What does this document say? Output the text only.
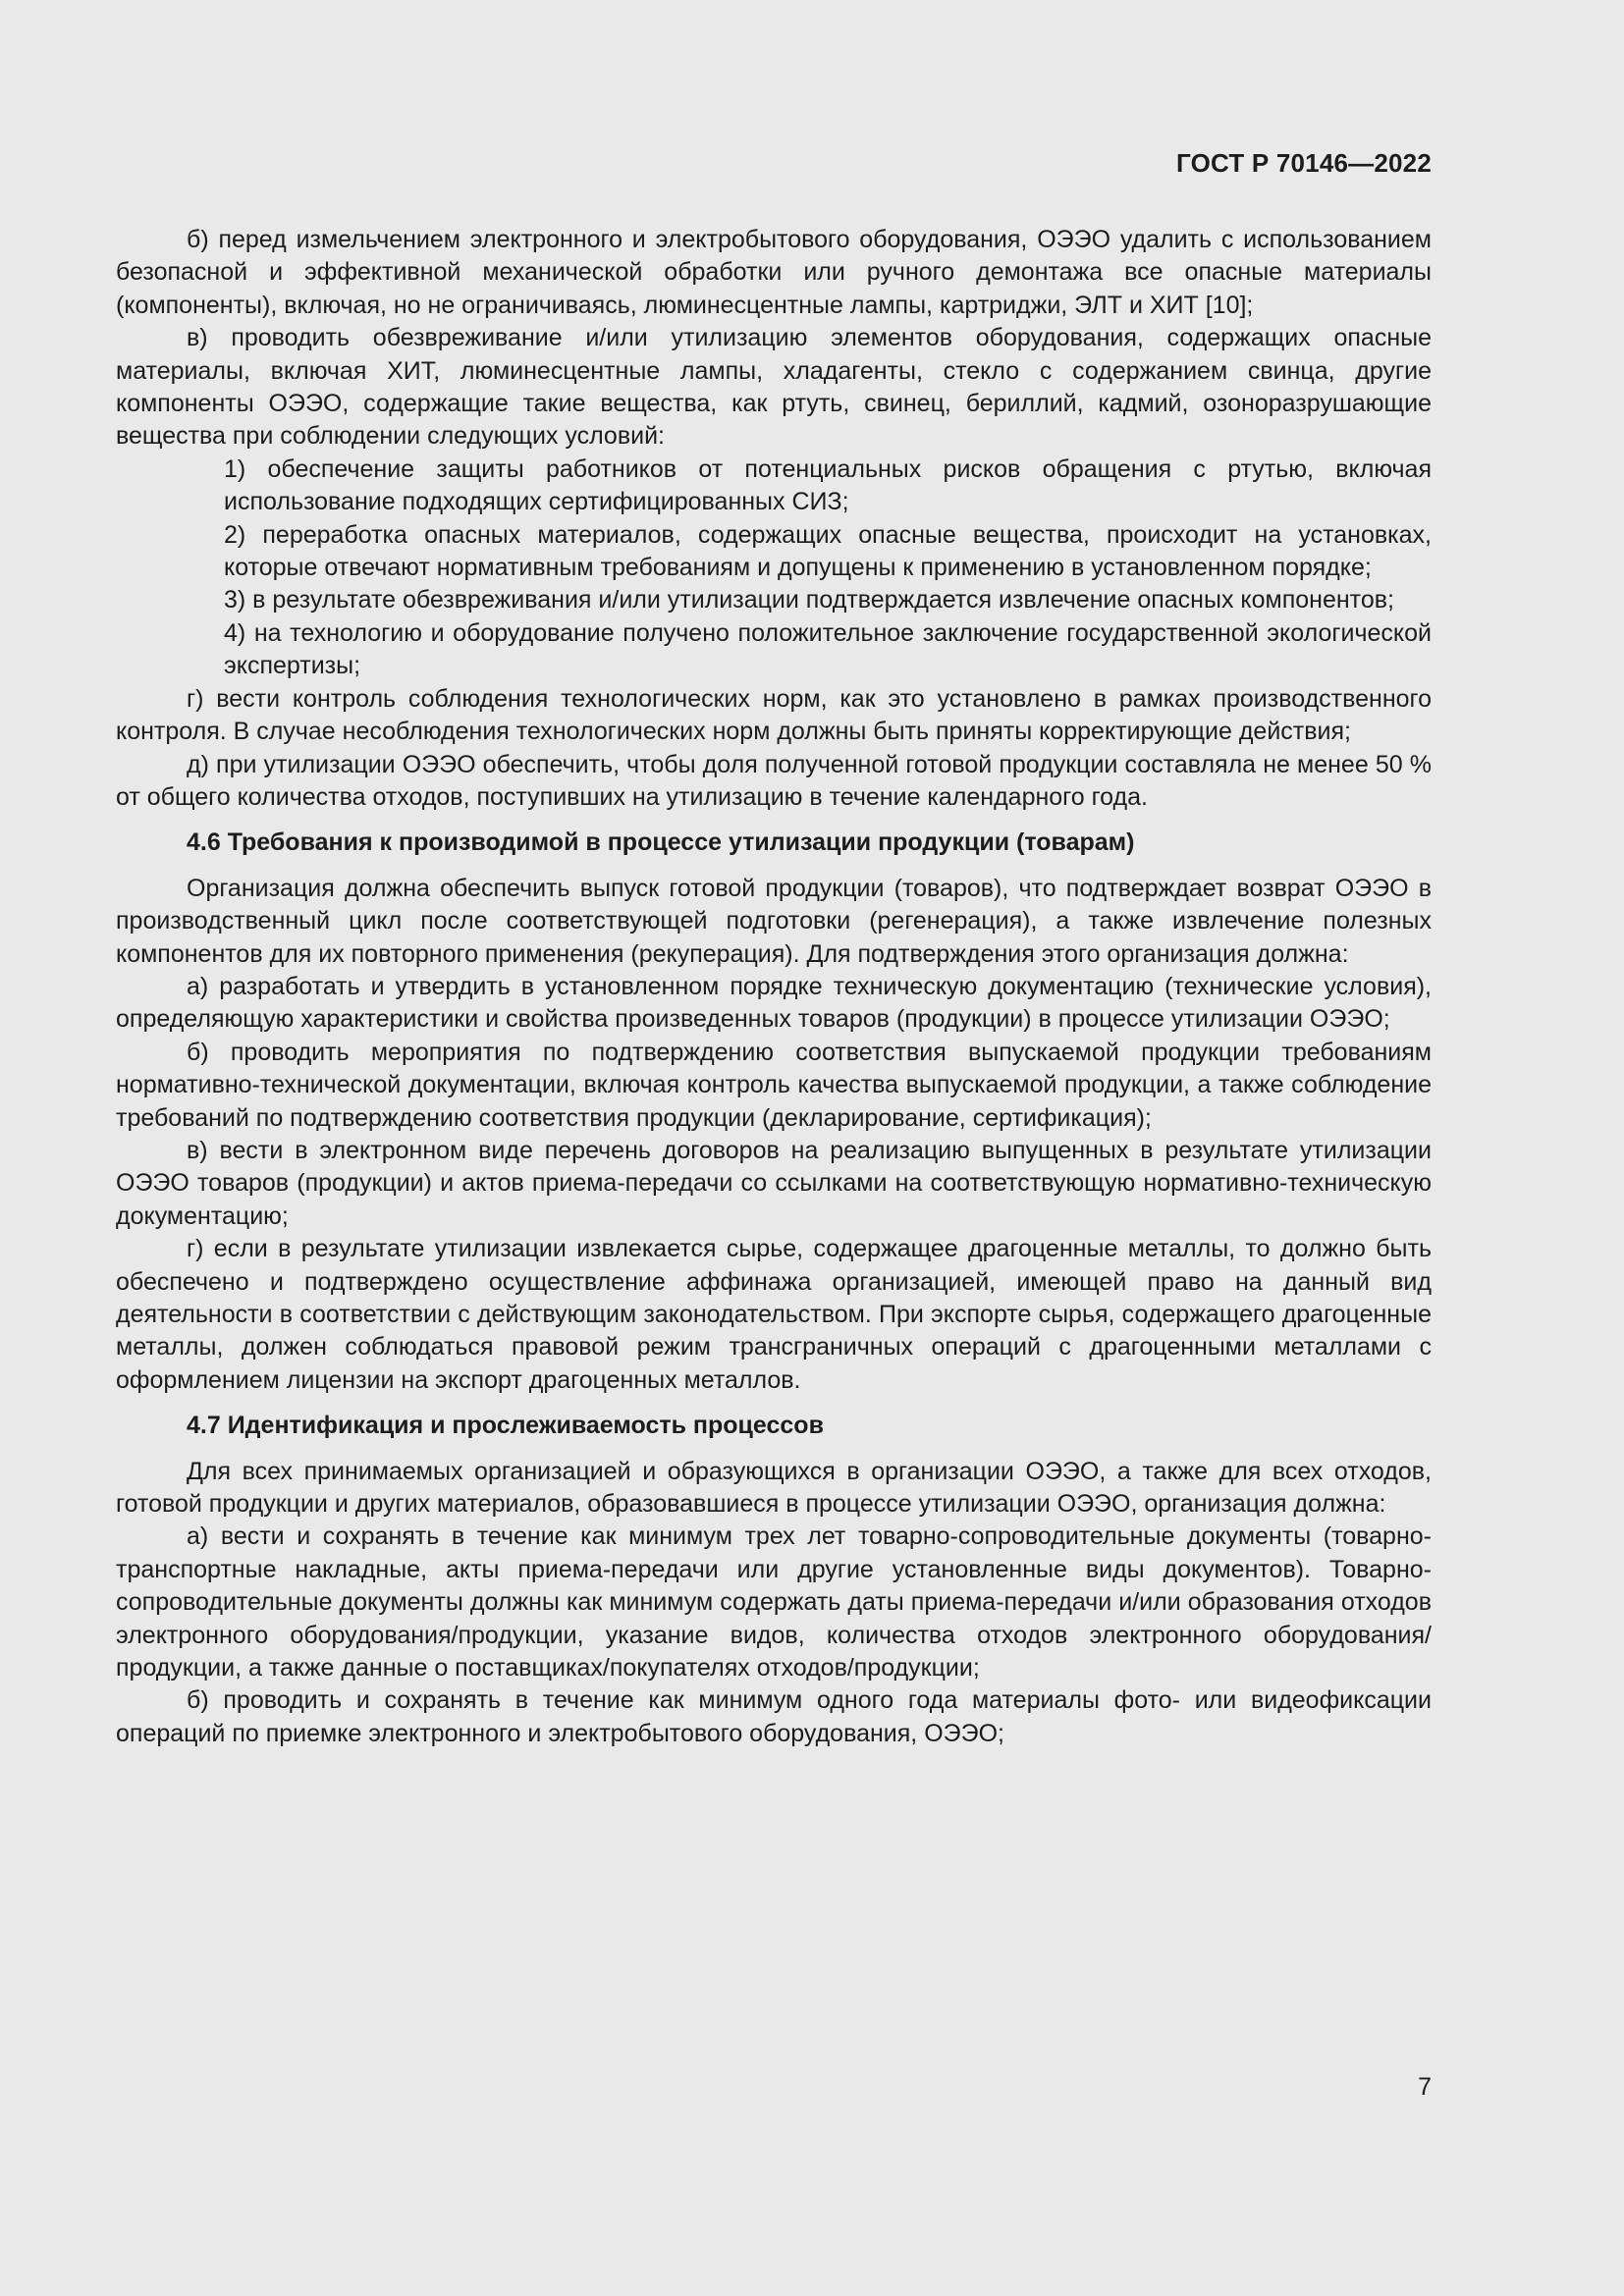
ГОСТ Р 70146—2022

б) перед измельчением электронного и электробытового оборудования, ОЭЭО удалить с использованием безопасной и эффективной механической обработки или ручного демонтажа все опасные материалы (компоненты), включая, но не ограничиваясь, люминесцентные лампы, картриджи, ЭЛТ и ХИТ [10];

в) проводить обезвреживание и/или утилизацию элементов оборудования, содержащих опасные материалы, включая ХИТ, люминесцентные лампы, хладагенты, стекло с содержанием свинца, другие компоненты ОЭЭО, содержащие такие вещества, как ртуть, свинец, бериллий, кадмий, озоноразрушающие вещества при соблюдении следующих условий:

1) обеспечение защиты работников от потенциальных рисков обращения с ртутью, включая использование подходящих сертифицированных СИЗ;

2) переработка опасных материалов, содержащих опасные вещества, происходит на установках, которые отвечают нормативным требованиям и допущены к применению в установленном порядке;

3) в результате обезвреживания и/или утилизации подтверждается извлечение опасных компонентов;

4) на технологию и оборудование получено положительное заключение государственной экологической экспертизы;

г) вести контроль соблюдения технологических норм, как это установлено в рамках производственного контроля. В случае несоблюдения технологических норм должны быть приняты корректирующие действия;

д) при утилизации ОЭЭО обеспечить, чтобы доля полученной готовой продукции составляла не менее 50 % от общего количества отходов, поступивших на утилизацию в течение календарного года.

4.6 Требования к производимой в процессе утилизации продукции (товарам)

Организация должна обеспечить выпуск готовой продукции (товаров), что подтверждает возврат ОЭЭО в производственный цикл после соответствующей подготовки (регенерация), а также извлечение полезных компонентов для их повторного применения (рекуперация). Для подтверждения этого организация должна:

а) разработать и утвердить в установленном порядке техническую документацию (технические условия), определяющую характеристики и свойства произведенных товаров (продукции) в процессе утилизации ОЭЭО;

б) проводить мероприятия по подтверждению соответствия выпускаемой продукции требованиям нормативно-технической документации, включая контроль качества выпускаемой продукции, а также соблюдение требований по подтверждению соответствия продукции (декларирование, сертификация);

в) вести в электронном виде перечень договоров на реализацию выпущенных в результате утилизации ОЭЭО товаров (продукции) и актов приема-передачи со ссылками на соответствующую нормативно-техническую документацию;

г) если в результате утилизации извлекается сырье, содержащее драгоценные металлы, то должно быть обеспечено и подтверждено осуществление аффинажа организацией, имеющей право на данный вид деятельности в соответствии с действующим законодательством. При экспорте сырья, содержащего драгоценные металлы, должен соблюдаться правовой режим трансграничных операций с драгоценными металлами с оформлением лицензии на экспорт драгоценных металлов.

4.7 Идентификация и прослеживаемость процессов

Для всех принимаемых организацией и образующихся в организации ОЭЭО, а также для всех отходов, готовой продукции и других материалов, образовавшиеся в процессе утилизации ОЭЭО, организация должна:

а) вести и сохранять в течение как минимум трех лет товарно-сопроводительные документы (товарно-транспортные накладные, акты приема-передачи или другие установленные виды документов). Товарно-сопроводительные документы должны как минимум содержать даты приема-передачи и/или образования отходов электронного оборудования/продукции, указание видов, количества отходов электронного оборудования/продукции, а также данные о поставщиках/покупателях отходов/продукции;

б) проводить и сохранять в течение как минимум одного года материалы фото- или видеофиксации операций по приемке электронного и электробытового оборудования, ОЭЭО;

7
